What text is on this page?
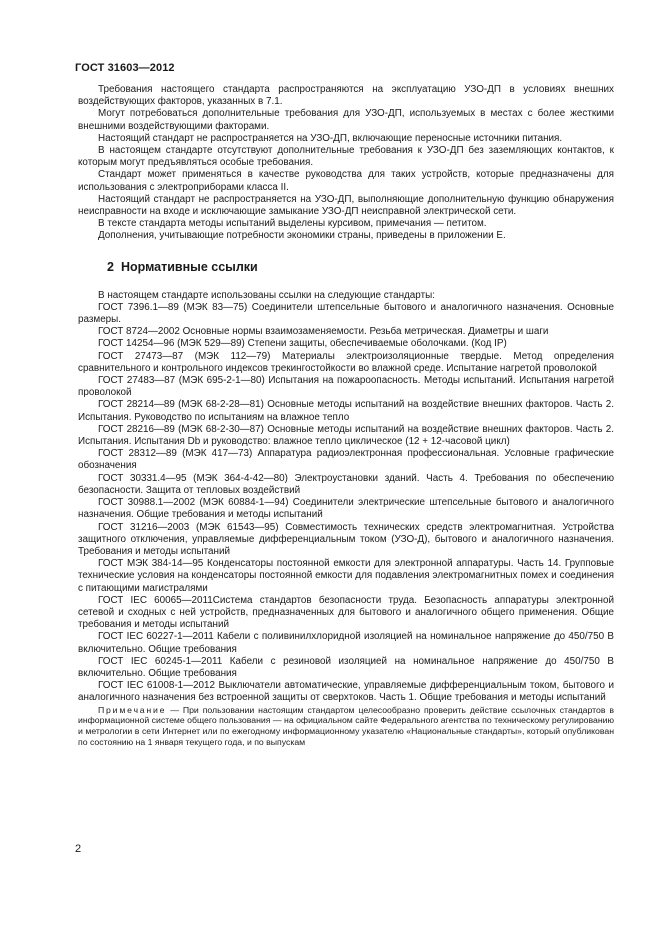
ГОСТ 31603—2012

Требования настоящего стандарта распространяются на эксплуатацию УЗО-ДП в условиях внешних воздействующих факторов, указанных в 7.1.

Могут потребоваться дополнительные требования для УЗО-ДП, используемых в местах с более жесткими внешними воздействующими факторами.

Настоящий стандарт не распространяется на УЗО-ДП, включающие переносные источники питания.

В настоящем стандарте отсутствуют дополнительные требования к УЗО-ДП без заземляющих контактов, к которым могут предъявляться особые требования.

Стандарт может применяться в качестве руководства для таких устройств, которые предназначены для использования с электроприборами класса II.

Настоящий стандарт не распространяется на УЗО-ДП, выполняющие дополнительную функцию обнаружения неисправности на входе и исключающие замыкание УЗО-ДП неисправной электрической сети.

В тексте стандарта методы испытаний выделены курсивом, примечания — петитом.

Дополнения, учитывающие потребности экономики страны, приведены в приложении Е.

2 Нормативные ссылки

В настоящем стандарте использованы ссылки на следующие стандарты:

ГОСТ 7396.1—89 (МЭК 83—75) Соединители штепсельные бытового и аналогичного назначения. Основные размеры.

ГОСТ 8724—2002 Основные нормы взаимозаменяемости. Резьба метрическая. Диаметры и шаги

ГОСТ 14254—96 (МЭК 529—89) Степени защиты, обеспечиваемые оболочками. (Код IP)

ГОСТ 27473—87 (МЭК 112—79) Материалы электроизоляционные твердые. Метод определения сравнительного и контрольного индексов трекингостойкости во влажной среде. Испытание нагретой проволокой

ГОСТ 27483—87 (МЭК 695-2-1—80) Испытания на пожароопасность. Методы испытаний. Испытания нагретой проволокой

ГОСТ 28214—89 (МЭК 68-2-28—81) Основные методы испытаний на воздействие внешних факторов. Часть 2. Испытания. Руководство по испытаниям на влажное тепло

ГОСТ 28216—89 (МЭК 68-2-30—87) Основные методы испытаний на воздействие внешних факторов. Часть 2. Испытания. Испытания Db и руководство: влажное тепло циклическое (12 + 12-часовой цикл)

ГОСТ 28312—89 (МЭК 417—73) Аппаратура радиоэлектронная профессиональная. Условные графические обозначения

ГОСТ 30331.4—95 (МЭК 364-4-42—80) Электроустановки зданий. Часть 4. Требования по обеспечению безопасности. Защита от тепловых воздействий

ГОСТ 30988.1—2002 (МЭК 60884-1—94) Соединители электрические штепсельные бытового и аналогичного назначения. Общие требования и методы испытаний

ГОСТ 31216—2003 (МЭК 61543—95) Совместимость технических средств электромагнитная. Устройства защитного отключения, управляемые дифференциальным током (УЗО-Д), бытового и аналогичного назначения. Требования и методы испытаний

ГОСТ МЭК 384-14—95 Конденсаторы постоянной емкости для электронной аппаратуры. Часть 14. Групповые технические условия на конденсаторы постоянной емкости для подавления электромагнитных помех и соединения с питающими магистралями

ГОСТ IEC 60065—2011Система стандартов безопасности труда. Безопасность аппаратуры электронной сетевой и сходных с ней устройств, предназначенных для бытового и аналогичного общего применения. Общие требования и методы испытаний

ГОСТ IEC 60227-1—2011 Кабели с поливинилхлоридной изоляцией на номинальное напряжение до 450/750 В включительно. Общие требования

ГОСТ IEC 60245-1—2011 Кабели с резиновой изоляцией на номинальное напряжение до 450/750 В включительно. Общие требования

ГОСТ IEC 61008-1—2012 Выключатели автоматические, управляемые дифференциальным током, бытового и аналогичного назначения без встроенной защиты от сверхтоков. Часть 1. Общие требования и методы испытаний

Примечание — При пользовании настоящим стандартом целесообразно проверить действие ссылочных стандартов в информационной системе общего пользования — на официальном сайте Федерального агентства по техническому регулированию и метрологии в сети Интернет или по ежегодному информационному указателю «Национальные стандарты», который опубликован по состоянию на 1 января текущего года, и по выпускам

2
